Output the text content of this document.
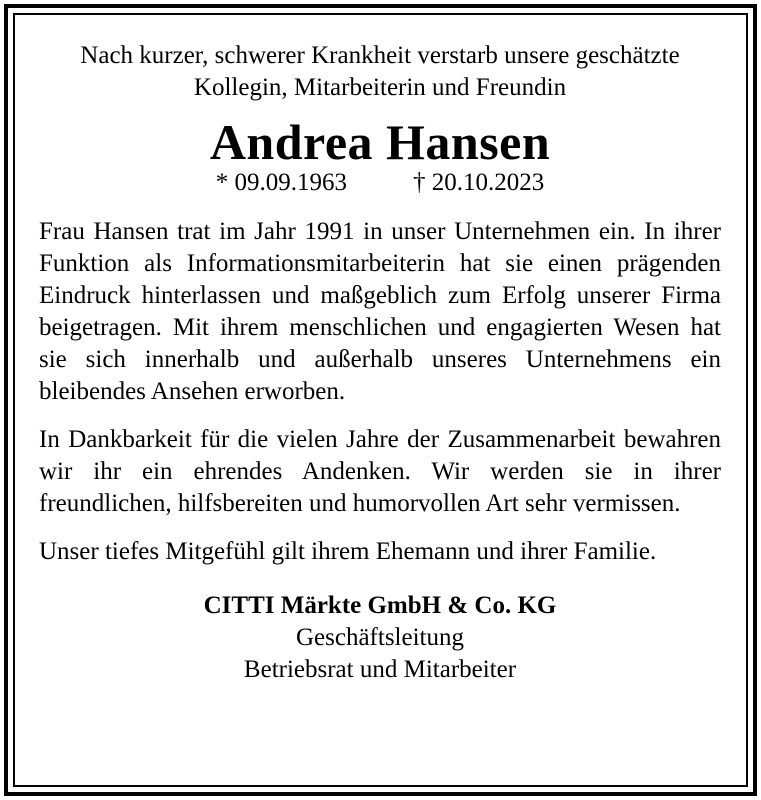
Nach kurzer, schwerer Krankheit verstarb unsere geschätzte
Kollegin, Mitarbeiterin und Freundin

Andrea Hansen
* 09.09.1963	† 20.10.2023

Frau Hansen trat im Jahr 1991 in unser Unternehmen ein. In ihrer Funktion als Informationsmitarbeiterin hat sie einen prägenden Eindruck hinterlassen und maßgeblich zum Erfolg unserer Firma beigetragen. Mit ihrem menschlichen und engagierten Wesen hat sie sich innerhalb und außerhalb unseres Unternehmens ein bleibendes Ansehen erworben.

In Dankbarkeit für die vielen Jahre der Zusammenarbeit bewahren wir ihr ein ehrendes Andenken. Wir werden sie in ihrer freundlichen, hilfsbereiten und humorvollen Art sehr vermissen.

Unser tiefes Mitgefühl gilt ihrem Ehemann und ihrer Familie.

CITTI Märkte GmbH & Co. KG

Geschäftsleitung

Betriebsrat und Mitarbeiter
